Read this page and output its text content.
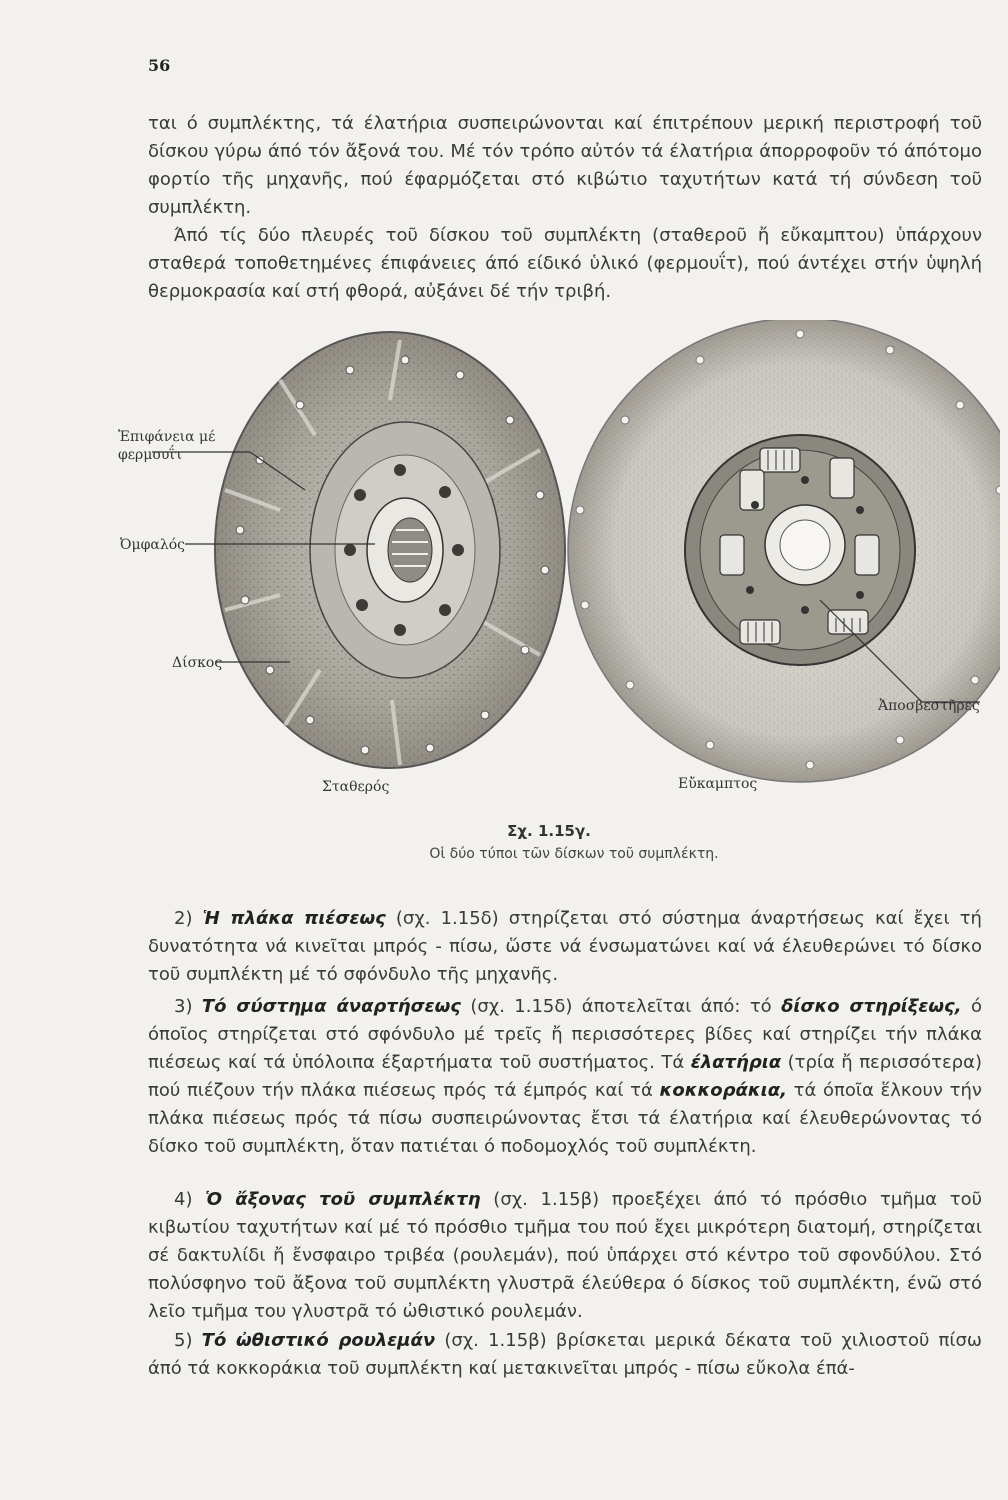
56

ται ό συμπλέκτης, τά έλατήρια συσπειρώνονται καί έπιτρέπουν μερική περιστροφή τοῦ δίσκου γύρω άπό τόν ἄξονά του. Μέ τόν τρόπο αὐτόν τά έλατήρια άπορροφοῦν τό άπότομο φορτίο τῆς μηχανῆς, πού έφαρμόζεται στό κιβώτιο ταχυτήτων κατά τή σύνδεση τοῦ συμπλέκτη.

Άπό τίς δύο πλευρές τοῦ δίσκου τοῦ συμπλέκτη (σταθεροῦ ἤ εὔκαμπτου) ὑπάρχουν σταθερά τοποθετημένες έπιφάνειες άπό είδικό ὑλικό (φερμουΐτ), πού άντέχει στήν ὑψηλή θερμοκρασία καί στή φθορά, αὐξάνει δέ τήν τριβή.

Ἐπιφάνεια μέ
φερμουΐτ
Ὀμφαλός
Δίσκος
Ἀποσβεστῆρες
Σταθερός	Εὔκαμπτος
Σχ. 1.15γ.
Οἱ δύο τύποι τῶν δίσκων τοῦ συμπλέκτη.

2) Ἡ πλάκα πιέσεως (σχ. 1.15δ) στηρίζεται στό σύστημα άναρτήσεως καί ἔχει τή δυνατότητα νά κινεῖται μπρός - πίσω, ὥστε νά ένσωματώνει καί νά έλευθερώνει τό δίσκο τοῦ συμπλέκτη μέ τό σφόνδυλο τῆς μηχανῆς.

3) Τό σύστημα άναρτήσεως (σχ. 1.15δ) άποτελεῖται άπό: τό δίσκο στηρίξεως, ό όποῖος στηρίζεται στό σφόνδυλο μέ τρεῖς ἤ περισσότερες βίδες καί στηρίζει τήν πλάκα πιέσεως καί τά ὑπόλοιπα έξαρτήματα τοῦ συστήματος. Τά έλατήρια (τρία ἤ περισσότερα) πού πιέζουν τήν πλάκα πιέσεως πρός τά έμπρός καί τά κοκκοράκια, τά όποῖα ἕλκουν τήν πλάκα πιέσεως πρός τά πίσω συσπειρώνοντας ἔτσι τά έλατήρια καί έλευθερώνοντας τό δίσκο τοῦ συμπλέκτη, ὅταν πατιέται ό ποδομοχλός τοῦ συμπλέκτη.

4) Ὁ ἄξονας τοῦ συμπλέκτη (σχ. 1.15β) προεξέχει άπό τό πρόσθιο τμῆμα τοῦ κιβωτίου ταχυτήτων καί μέ τό πρόσθιο τμῆμα του πού ἔχει μικρότερη διατομή, στηρίζεται σέ δακτυλίδι ἤ ἔνσφαιρο τριβέα (ρουλεμάν), πού ὑπάρχει στό κέντρο τοῦ σφονδύλου. Στό πολύσφηνο τοῦ ἄξονα τοῦ συμπλέκτη γλυστρᾶ έλεύθερα ό δίσκος τοῦ συμπλέκτη, ένῶ στό λεῖο τμῆμα του γλυστρᾶ τό ὠθιστικό ρουλεμάν.

5) Τό ὠθιστικό ρουλεμάν (σχ. 1.15β) βρίσκεται μερικά δέκατα τοῦ χιλιοστοῦ πίσω άπό τά κοκκοράκια τοῦ συμπλέκτη καί μετακινεῖται μπρός - πίσω εὔκολα έπά-
